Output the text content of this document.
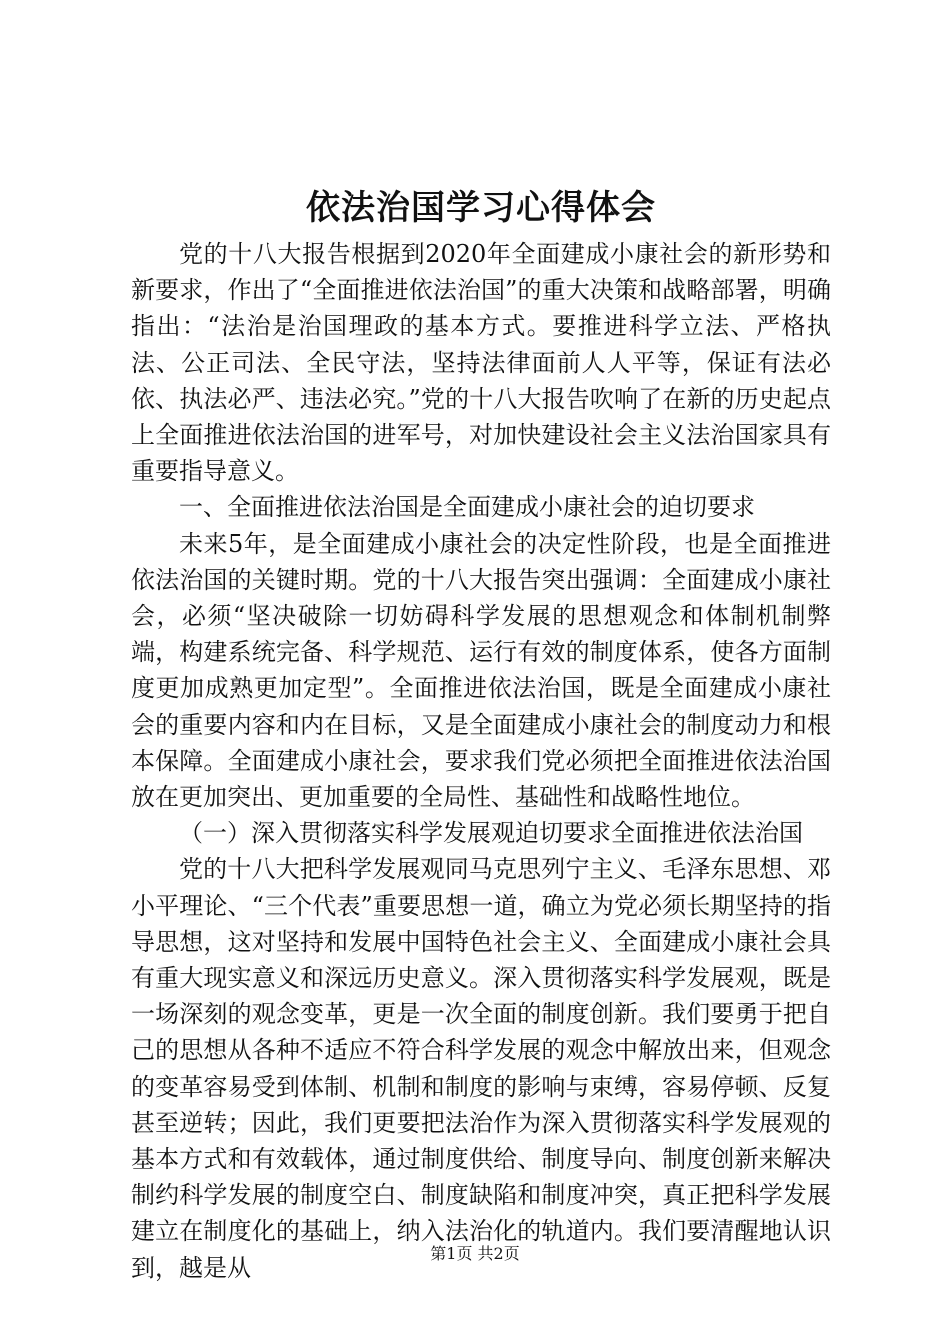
依法治国学习心得体会

党的十八大报告根据到2020年全面建成小康社会的新形势和新要求，作出了“全面推进依法治国”的重大决策和战略部署，明确指出：“法治是治国理政的基本方式。要推进科学立法、严格执法、公正司法、全民守法，坚持法律面前人人平等，保证有法必依、执法必严、违法必究。”党的十八大报告吹响了在新的历史起点上全面推进依法治国的进军号，对加快建设社会主义法治国家具有重要指导意义。

一、全面推进依法治国是全面建成小康社会的迫切要求

未来5年，是全面建成小康社会的决定性阶段，也是全面推进依法治国的关键时期。党的十八大报告突出强调：全面建成小康社会，必须“坚决破除一切妨碍科学发展的思想观念和体制机制弊端，构建系统完备、科学规范、运行有效的制度体系，使各方面制度更加成熟更加定型”。全面推进依法治国，既是全面建成小康社会的重要内容和内在目标，又是全面建成小康社会的制度动力和根本保障。全面建成小康社会，要求我们党必须把全面推进依法治国放在更加突出、更加重要的全局性、基础性和战略性地位。

（一）深入贯彻落实科学发展观迫切要求全面推进依法治国

党的十八大把科学发展观同马克思列宁主义、毛泽东思想、邓小平理论、“三个代表”重要思想一道，确立为党必须长期坚持的指导思想，这对坚持和发展中国特色社会主义、全面建成小康社会具有重大现实意义和深远历史意义。深入贯彻落实科学发展观，既是一场深刻的观念变革，更是一次全面的制度创新。我们要勇于把自己的思想从各种不适应不符合科学发展的观念中解放出来，但观念的变革容易受到体制、机制和制度的影响与束缚，容易停顿、反复甚至逆转；因此，我们更要把法治作为深入贯彻落实科学发展观的基本方式和有效载体，通过制度供给、制度导向、制度创新来解决制约科学发展的制度空白、制度缺陷和制度冲突，真正把科学发展建立在制度化的基础上，纳入法治化的轨道内。我们要清醒地认识到，越是从

第1页 共2页
